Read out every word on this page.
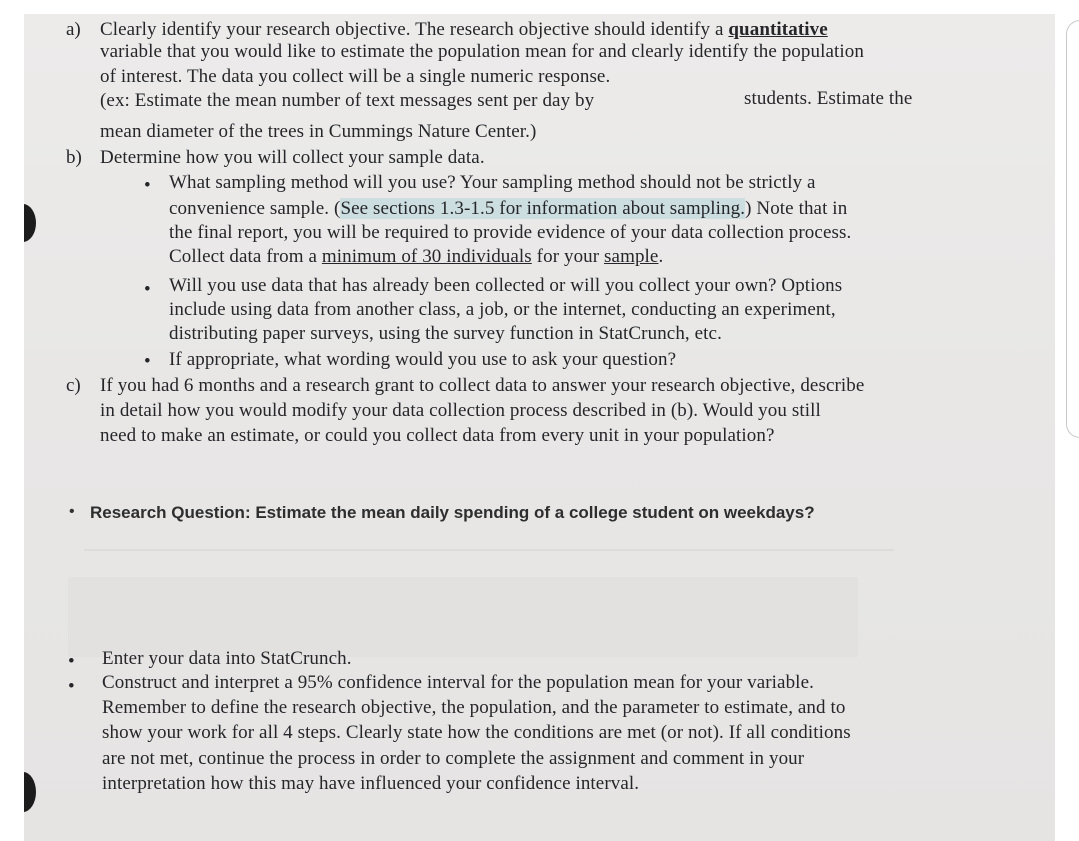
a) Clearly identify your research objective. The research objective should identify a quantitative
variable that you would like to estimate the population mean for and clearly identify the population
of interest. The data you collect will be a single numeric response.
(ex: Estimate the mean number of text messages sent per day by	students. Estimate the
mean diameter of the trees in Cummings Nature Center.)
b) Determine how you will collect your sample data.
• What sampling method will you use? Your sampling method should not be strictly a
convenience sample. (See sections 1.3-1.5 for information about sampling.) Note that in
the final report, you will be required to provide evidence of your data collection process.
Collect data from a minimum of 30 individuals for your sample.
• Will you use data that has already been collected or will you collect your own? Options
include using data from another class, a job, or the internet, conducting an experiment,
distributing paper surveys, using the survey function in StatCrunch, etc.
• If appropriate, what wording would you use to ask your question?
c) If you had 6 months and a research grant to collect data to answer your research objective, describe
in detail how you would modify your data collection process described in (b). Would you still
need to make an estimate, or could you collect data from every unit in your population?
• Research Question: Estimate the mean daily spending of a college student on weekdays?
• Enter your data into StatCrunch.
• Construct and interpret a 95% confidence interval for the population mean for your variable.
Remember to define the research objective, the population, and the parameter to estimate, and to
show your work for all 4 steps. Clearly state how the conditions are met (or not). If all conditions
are not met, continue the process in order to complete the assignment and comment in your
interpretation how this may have influenced your confidence interval.
